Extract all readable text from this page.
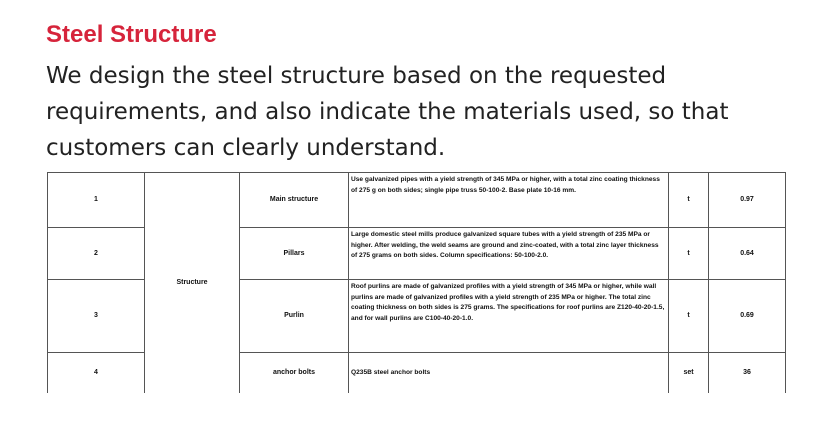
Steel Structure

We design the steel structure based on the requested requirements, and also indicate the materials used, so that customers can clearly understand.

1	Structure	Main structure	Use galvanized pipes with a yield strength of 345 MPa or higher, with a total zinc coating thickness of 275 g on both sides; single pipe truss 50-100-2. Base plate 10-16 mm.	t	0.97
2		Pillars	Large domestic steel mills produce galvanized square tubes with a yield strength of 235 MPa or higher. After welding, the weld seams are ground and zinc-coated, with a total zinc layer thickness of 275 grams on both sides. Column specifications: 50-100-2.0.	t	0.64
3		Purlin	Roof purlins are made of galvanized profiles with a yield strength of 345 MPa or higher, while wall purlins are made of galvanized profiles with a yield strength of 235 MPa or higher. The total zinc coating thickness on both sides is 275 grams. The specifications for roof purlins are Z120-40-20-1.5, and for wall purlins are C100-40-20-1.0.	t	0.69
4		anchor bolts	Q235B steel anchor bolts	set	36
